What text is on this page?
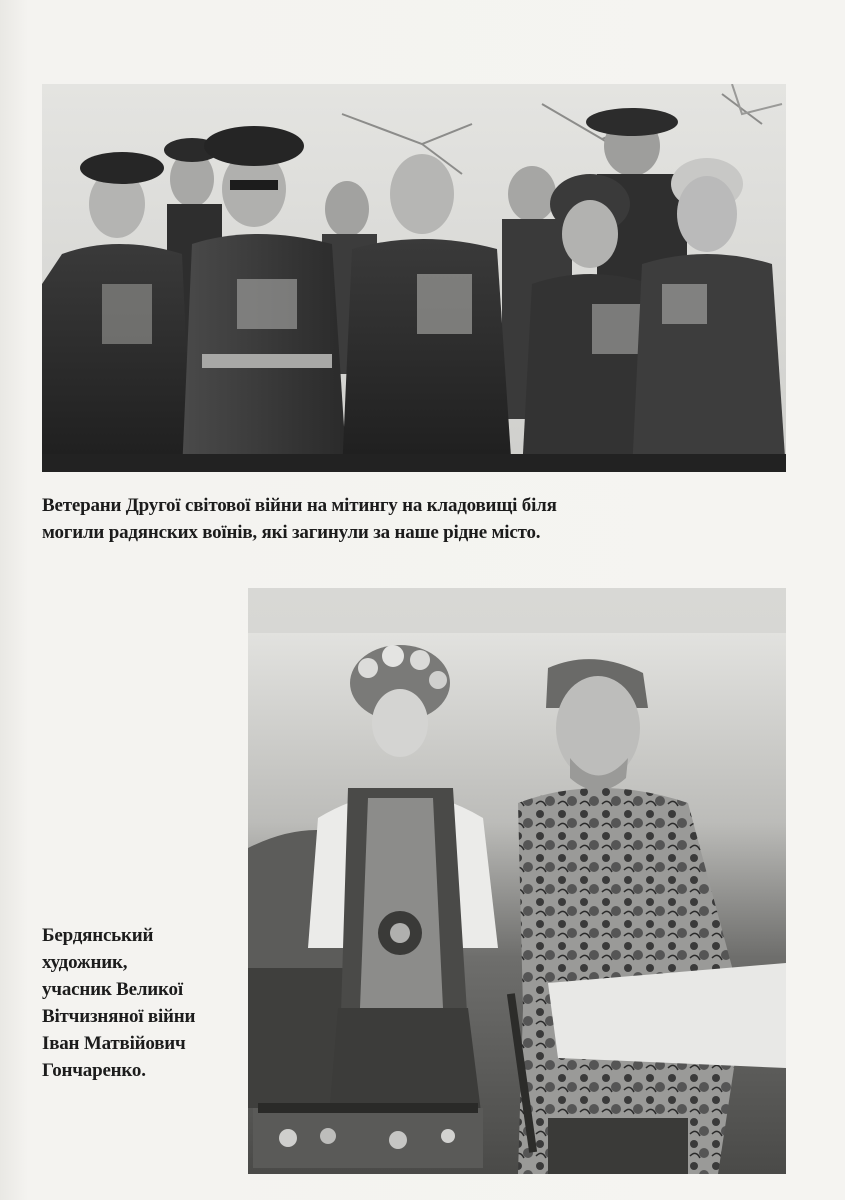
Ветерани Другої світової війни на мітингу на кладовищі біля
могили радянских воїнів, які загинули за наше рідне місто.
Бердянський
художник,
учасник Великої
Вітчизняної війни
Іван Матвійович
Гончаренко.
